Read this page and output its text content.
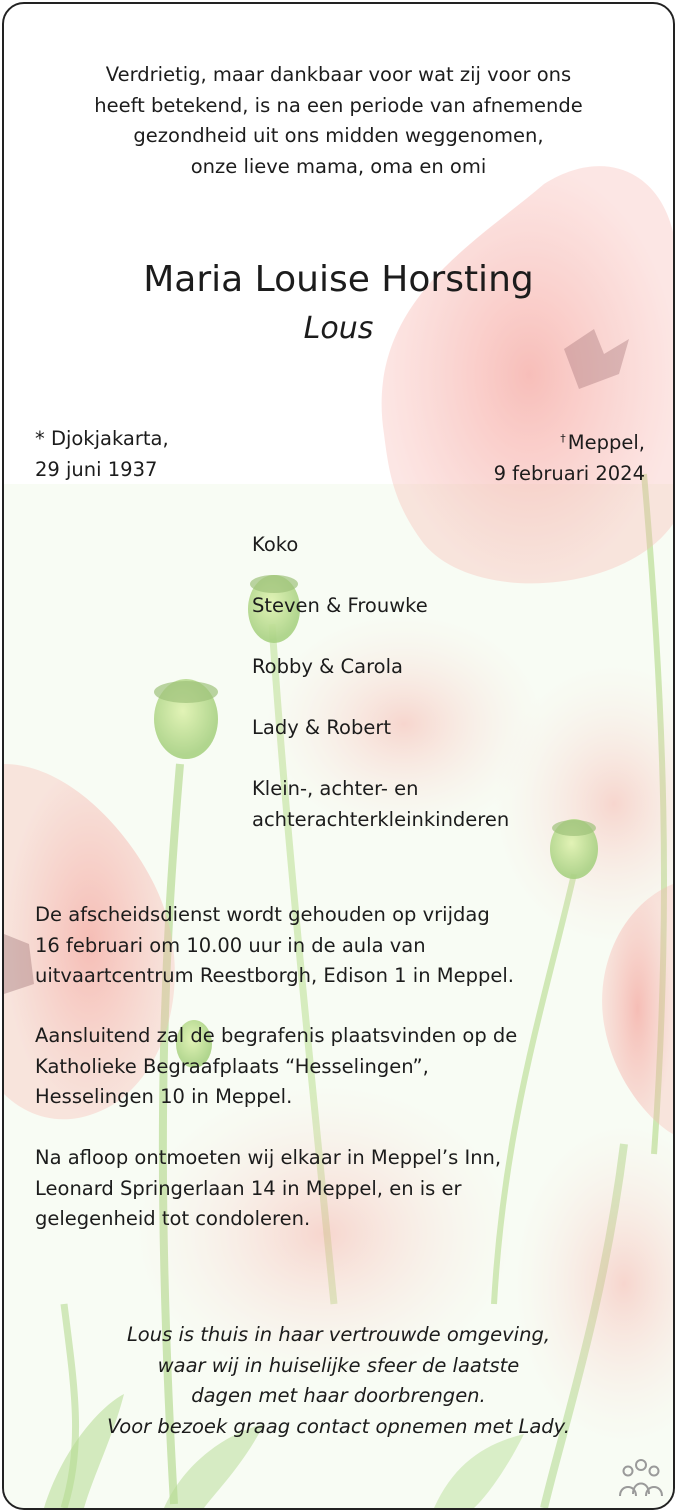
Verdrietig, maar dankbaar voor wat zij voor ons
heeft betekend, is na een periode van afnemende
gezondheid uit ons midden weggenomen,
onze lieve mama, oma en omi
Maria Louise Horsting
Lous
* Djokjakarta,
29 juni 1937
† Meppel,
9 februari 2024
Koko
Steven & Frouwke
Robby & Carola
Lady & Robert
Klein-, achter- en
achterachterkleinkinderen
De afscheidsdienst wordt gehouden op vrijdag
16 februari om 10.00 uur in de aula van
uitvaartcentrum Reestborgh, Edison 1 in Meppel.
Aansluitend zal de begrafenis plaatsvinden op de
Katholieke Begraafplaats “Hesselingen”,
Hesselingen 10 in Meppel.
Na afloop ontmoeten wij elkaar in Meppel’s Inn,
Leonard Springerlaan 14 in Meppel, en is er
gelegenheid tot condoleren.
Lous is thuis in haar vertrouwde omgeving,
waar wij in huiselijke sfeer de laatste
dagen met haar doorbrengen.
Voor bezoek graag contact opnemen met Lady.
